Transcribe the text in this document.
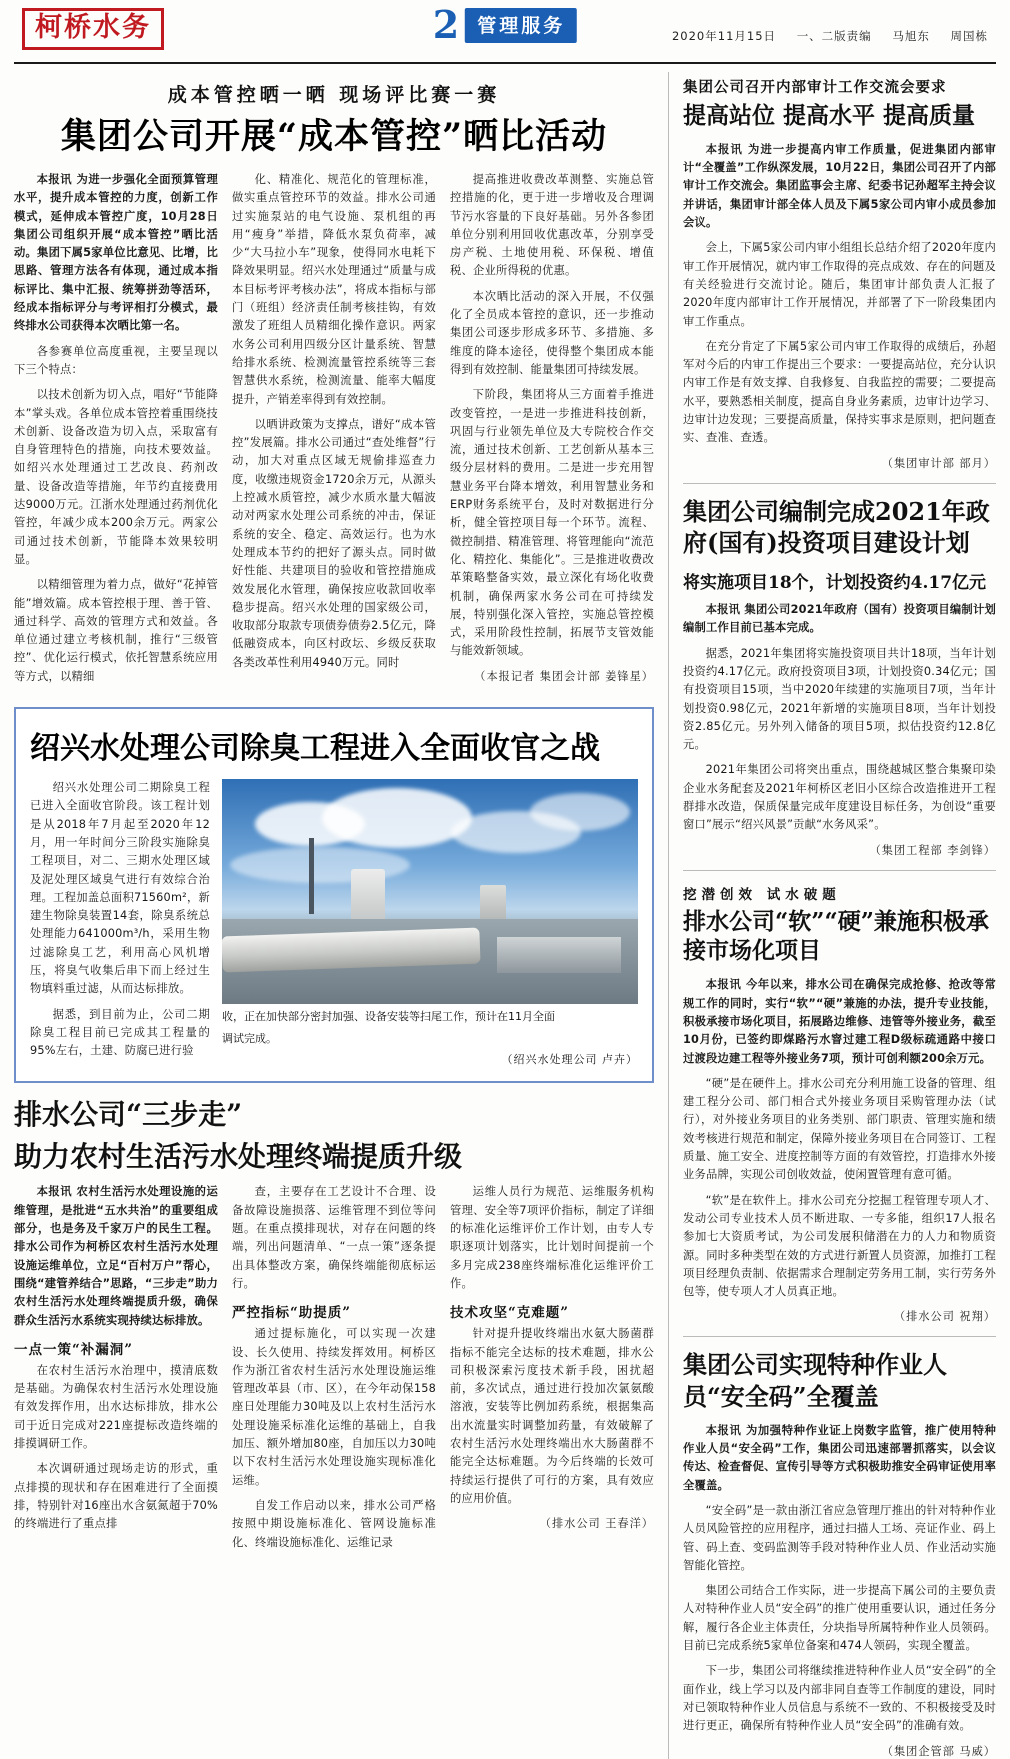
柯桥水务	2 管理服务	2020年11月15日 一、二版责编 马旭东 周国栋
成本管控晒一晒 现场评比赛一赛
集团公司开展“成本管控”晒比活动

本报讯 为进一步强化全面预算管理水平，提升成本管控的力度，创新工作模式，延伸成本管控广度，10月28日集团公司组织开展“成本管控”晒比活动。集团下属5家单位比意见、比增，比思路、管理方法各有体现，通过成本指标评比、集中汇报、统筹拼劲等活环，经成本指标评分与考评相打分模式，最终排水公司获得本次晒比第一名。

各参赛单位高度重视，主要呈现以下三个特点：

以技术创新为切入点，唱好“节能降本”掌头戏。各单位成本管控着重围绕技术创新、设备改造为切入点，采取富有自身管理特色的措施，向技术要效益。如绍兴水处理通过工艺改良、药剂改量、设备改造等措施，年节约直接费用达9000万元。江浙水处理通过药剂优化管控，年减少成本200余万元。两家公司通过技术创新，节能降本效果较明显。

以精细管理为着力点，做好“花掉管能”增效篇。成本管控根于理、善于管、通过科学、高效的管理方式和效益。各单位通过建立考核机制，推行“三级管控”、优化运行模式，依托智慧系统应用等方式，以精细

化、精准化、规范化的管理标准，做实重点管控环节的效益。排水公司通过实施泵站的电气设施、泵机组的再用“瘦身”举措，降低水泵负荷率，减少“大马拉小车”现象，使得同水电耗下降效果明显。绍兴水处理通过“质量与成本目标考评考核办法”，将成本指标与部门（班组）经济责任制考核挂钩，有效激发了班组人员精细化操作意识。两家水务公司利用四级分区计量系统、智慧给排水系统、检测流量管控系统等三套智慧供水系统，检测流量、能率大幅度提升，产销差率得到有效控制。

以晒讲政策为支撑点，谱好“成本管控”发展篇。排水公司通过“查处维督”行动，加大对重点区域无规偷排巡查力度，收缴违规资金1720余万元，从源头上控减水质管控，减少水质水量大幅波动对两家水处理公司系统的冲击，保证系统的安全、稳定、高效运行。也为水处理成本节约的把好了源头点。同时做好性能、共建项目的验收和管控措施成效发展化水管理，确保按应收款回收率稳步提高。绍兴水处理的国家级公司，收取部分取款专项债券债券2.5亿元，降低融资成本，向区村政坛、乡级反获取各类改革性利用4940万元。同时

提高推进收费改革测整、实施总管控措施的化，更于进一步增收及合理调节污水容量的下良好基础。另外各参团单位分别利用回收优惠改革，分别享受房产税、土地使用税、环保税、增值税、企业所得税的优惠。

本次晒比活动的深入开展，不仅强化了全员成本管控的意识，还一步推动集团公司逐步形成多环节、多措施、多维度的降本途径，使得整个集团成本能得到有效控制、能量集团可持续发展。

下阶段，集团将从三方面着手推进改变管控，一是进一步推进科技创新，巩固与行业领先单位及大专院校合作交流，通过技术创新、工艺创新从基本三级分层材料的费用。二是进一步充用智慧业务平台降本增效，利用智慧业务和ERP财务系统平台，及时对数据进行分析，健全管控项目每一个环节。流程、微控制措、精准管理、将管理能向“流范化、精控化、集能化”。三是推进收费改革策略整备实效，最立深化有场化收费机制，确保两家水务公司在可持续发展，特别强化深入管控，实施总管控模式，采用阶段性控制，拓展节支管效能与能效新领域。

（本报记者 集团会计部 姜锋星）
绍兴水处理公司除臭工程进入全面收官之战

绍兴水处理公司二期除臭工程已进入全面收官阶段。该工程计划是从2018年7月起至2020年12月，用一年时间分三阶段实施除臭工程项目，对二、三期水处理区域及泥处理区域臭气进行有效综合治理。工程加盖总面积71560m²，新建生物除臭装置14套，除臭系统总处理能力641000m³/h，采用生物过滤除臭工艺，利用高心风机增压，将臭气收集后串下而上经过生物填料重过滤，从而达标排放。

据悉，到目前为止，公司二期除臭工程目前已完成其工程量的95%左右，土建、防腐已进行验

收，正在加快部分密封加强、设备安装等扫尾工作，预计在11月全面
调试完成。
（绍兴水处理公司 卢卉）
排水公司“三步走”
助力农村生活污水处理终端提质升级

本报讯 农村生活污水处理设施的运维管理，是批进“五水共治”的重要组成部分，也是务及千家万户的民生工程。排水公司作为柯桥区农村生活污水处理设施运维单位，立足“百村万户”帮心，围绕“建管养结合”思路，“三步走”助力农村生活污水处理终端提质升级，确保群众生活污水系统实现持续达标排放。

一点一策“补漏洞”

在农村生活污水治理中，摸清底数是基础。为确保农村生活污水处理设施有效发挥作用，出水达标排放，排水公司于近日完成对221座提标改造终端的排摸调研工作。

本次调研通过现场走访的形式，重点排摸的现状和存在困难进行了全面摸排，特别针对16座出水含氨氮超于70%的终端进行了重点排

查，主要存在工艺设计不合理、设备故障设施损落、运维管理不到位等问题。在重点摸排现状，对存在问题的终端，列出问题清单、“一点一策”逐条提出具体整改方案，确保终端能彻底标运行。

严控指标“助提质”

通过提标施化，可以实现一次建设、长久使用、持续发挥效用。柯桥区作为浙江省农村生活污水处理设施运维管理改革县（市、区），在今年动保158座日处理能力30吨及以上农村生活污水处理设施采标准化运维的基础上，自我加压、额外增加80座，自加压以力30吨以下农村生活污水处理设施实现标准化运维。

自发工作启动以来，排水公司严格按照中期设施标准化、管网设施标准化、终端设施标准化、运维记录

运维人员行为规范、运维服务机构管理、安全等7项评价指标，制定了详细的标准化运维评价工作计划，由专人专职逐项计划落实，比计划时间提前一个多月完成238座终端标准化运维评价工作。

技术攻坚“克难题”

针对提升提收终端出水氨大肠菌群指标不能完全达标的技术难题，排水公司积极深索污度技术新手段，困扰超前，多次试点，通过进行投加次氯氨酸溶液，安装等比例加药系统，根据集高出水流量实时调整加药量，有效破解了农村生活污水处理终端出水大肠菌群不能完全达标难题。为今后终端的长效可持续运行提供了可行的方案，具有效应的应用价值。

（排水公司 王春洋）
集团公司召开内部审计工作交流会要求
提高站位 提高水平 提高质量

本报讯 为进一步提高内审工作质量，促进集团内部审计“全覆盖”工作纵深发展，10月22日，集团公司召开了内部审计工作交流会。集团监事会主席、纪委书记孙超军主持会议并讲话，集团审计部全体人员及下属5家公司内审小成员参加会议。

会上，下属5家公司内审小组组长总结介绍了2020年度内审工作开展情况，就内审工作取得的亮点成效、存在的问题及有关经验进行交流讨论。随后，集团审计部负责人汇报了2020年度内部审计工作开展情况，并部署了下一阶段集团内审工作重点。

在充分肯定了下属5家公司内审工作取得的成绩后，孙超军对今后的内审工作提出三个要求：一要提高站位，充分认识内审工作是有效支撑、自我修复、自我监控的需要；二要提高水平，要熟悉相关制度，提高自身业务素质，边审计边学习、边审计边发现；三要提高质量，保持实事求是原则，把问题查实、查准、查透。

（集团审计部 部月）
集团公司编制完成2021年政府(国有)投资项目建设计划
将实施项目18个，计划投资约4.17亿元

本报讯 集团公司2021年政府（国有）投资项目编制计划编制工作目前已基本完成。

据悉，2021年集团将实施投资项目共计18项，当年计划投资约4.17亿元。政府投资项目3项，计划投资0.34亿元；国有投资项目15项，当中2020年续建的实施项目7项，当年计划投资0.98亿元，2021年新增的实施项目8项，当年计划投资2.85亿元。另外列入储备的项目5项，拟估投资约12.8亿元。

2021年集团公司将突出重点，围绕越城区整合集聚印染企业水务配套及2021年柯桥区老旧小区综合改造推进开工程群排水改造，保质保量完成年度建设目标任务，为创设“重要窗口”展示“绍兴风景”贡献“水务风采”。

（集团工程部 李剑锋）
挖潜创效 试水破题
排水公司“软”“硬”兼施积极承接市场化项目

本报讯 今年以来，排水公司在确保完成抢修、抢改等常规工作的同时，实行“软”“硬”兼施的办法，提升专业技能，积极承接市场化项目，拓展路边维修、违管等外接业务，截至10月份，已签约即煤路污水窨过建工程D级标疏通路中接口过渡段边建工程等外接业务7项，预计可创利额200余万元。

“硬”是在硬件上。排水公司充分利用施工设备的管理、组建工程分公司、部门相合式外接业务项目采购管理办法（试行），对外接业务项目的业务类别、部门职责、管理实施和绩效考核进行规范和制定，保障外接业务项目在合同签订、工程质量、施工安全、进度控制等方面的有效管控，打造排水外接业务品牌，实现公司创收效益，使闲置管理有意可循。

“软”是在软件上。排水公司充分挖掘工程管理专项人才、发动公司专业技术人员不断进取、一专多能，组织17人报名参加七大资质考试，为公司发展积储潜在力的人力和物质资源。同时多种类型在效的方式进行新置人员资源，加推打工程项目经理负责制、依据需求合理制定劳务用工制，实行劳务外包等，使专项人才人员真正地。

（排水公司 祝翔）
集团公司实现特种作业人员“安全码”全覆盖

本报讯 为加强特种作业证上岗数字监管，推广使用特种作业人员“安全码”工作，集团公司迅速部署抓落实，以会议传达、检查督促、宣传引导等方式积极助推安全码审证使用率全覆盖。

“安全码”是一款由浙江省应急管理厅推出的针对特种作业人员风险管控的应用程序，通过扫描人工场、亮证作业、码上管、码上查、变码监测等手段对特种作业人员、作业活动实施智能化管控。

集团公司结合工作实际，进一步提高下属公司的主要负责人对特种作业人员“安全码”的推广使用重要认识，通过任务分解，履行各企业主体责任，分块指导所属特种作业人员领码。目前已完成系统5家单位备案和474人领码，实现全覆盖。

下一步，集团公司将继续推进特种作业人员“安全码”的全面作业，线上学习以及内部非同自查等工作制度的建设，同时对已领取特种作业人员信息与系统不一致的、不积极接受及时进行更正，确保所有特种作业人员“安全码”的准确有效。

（集团企管部 马威）
